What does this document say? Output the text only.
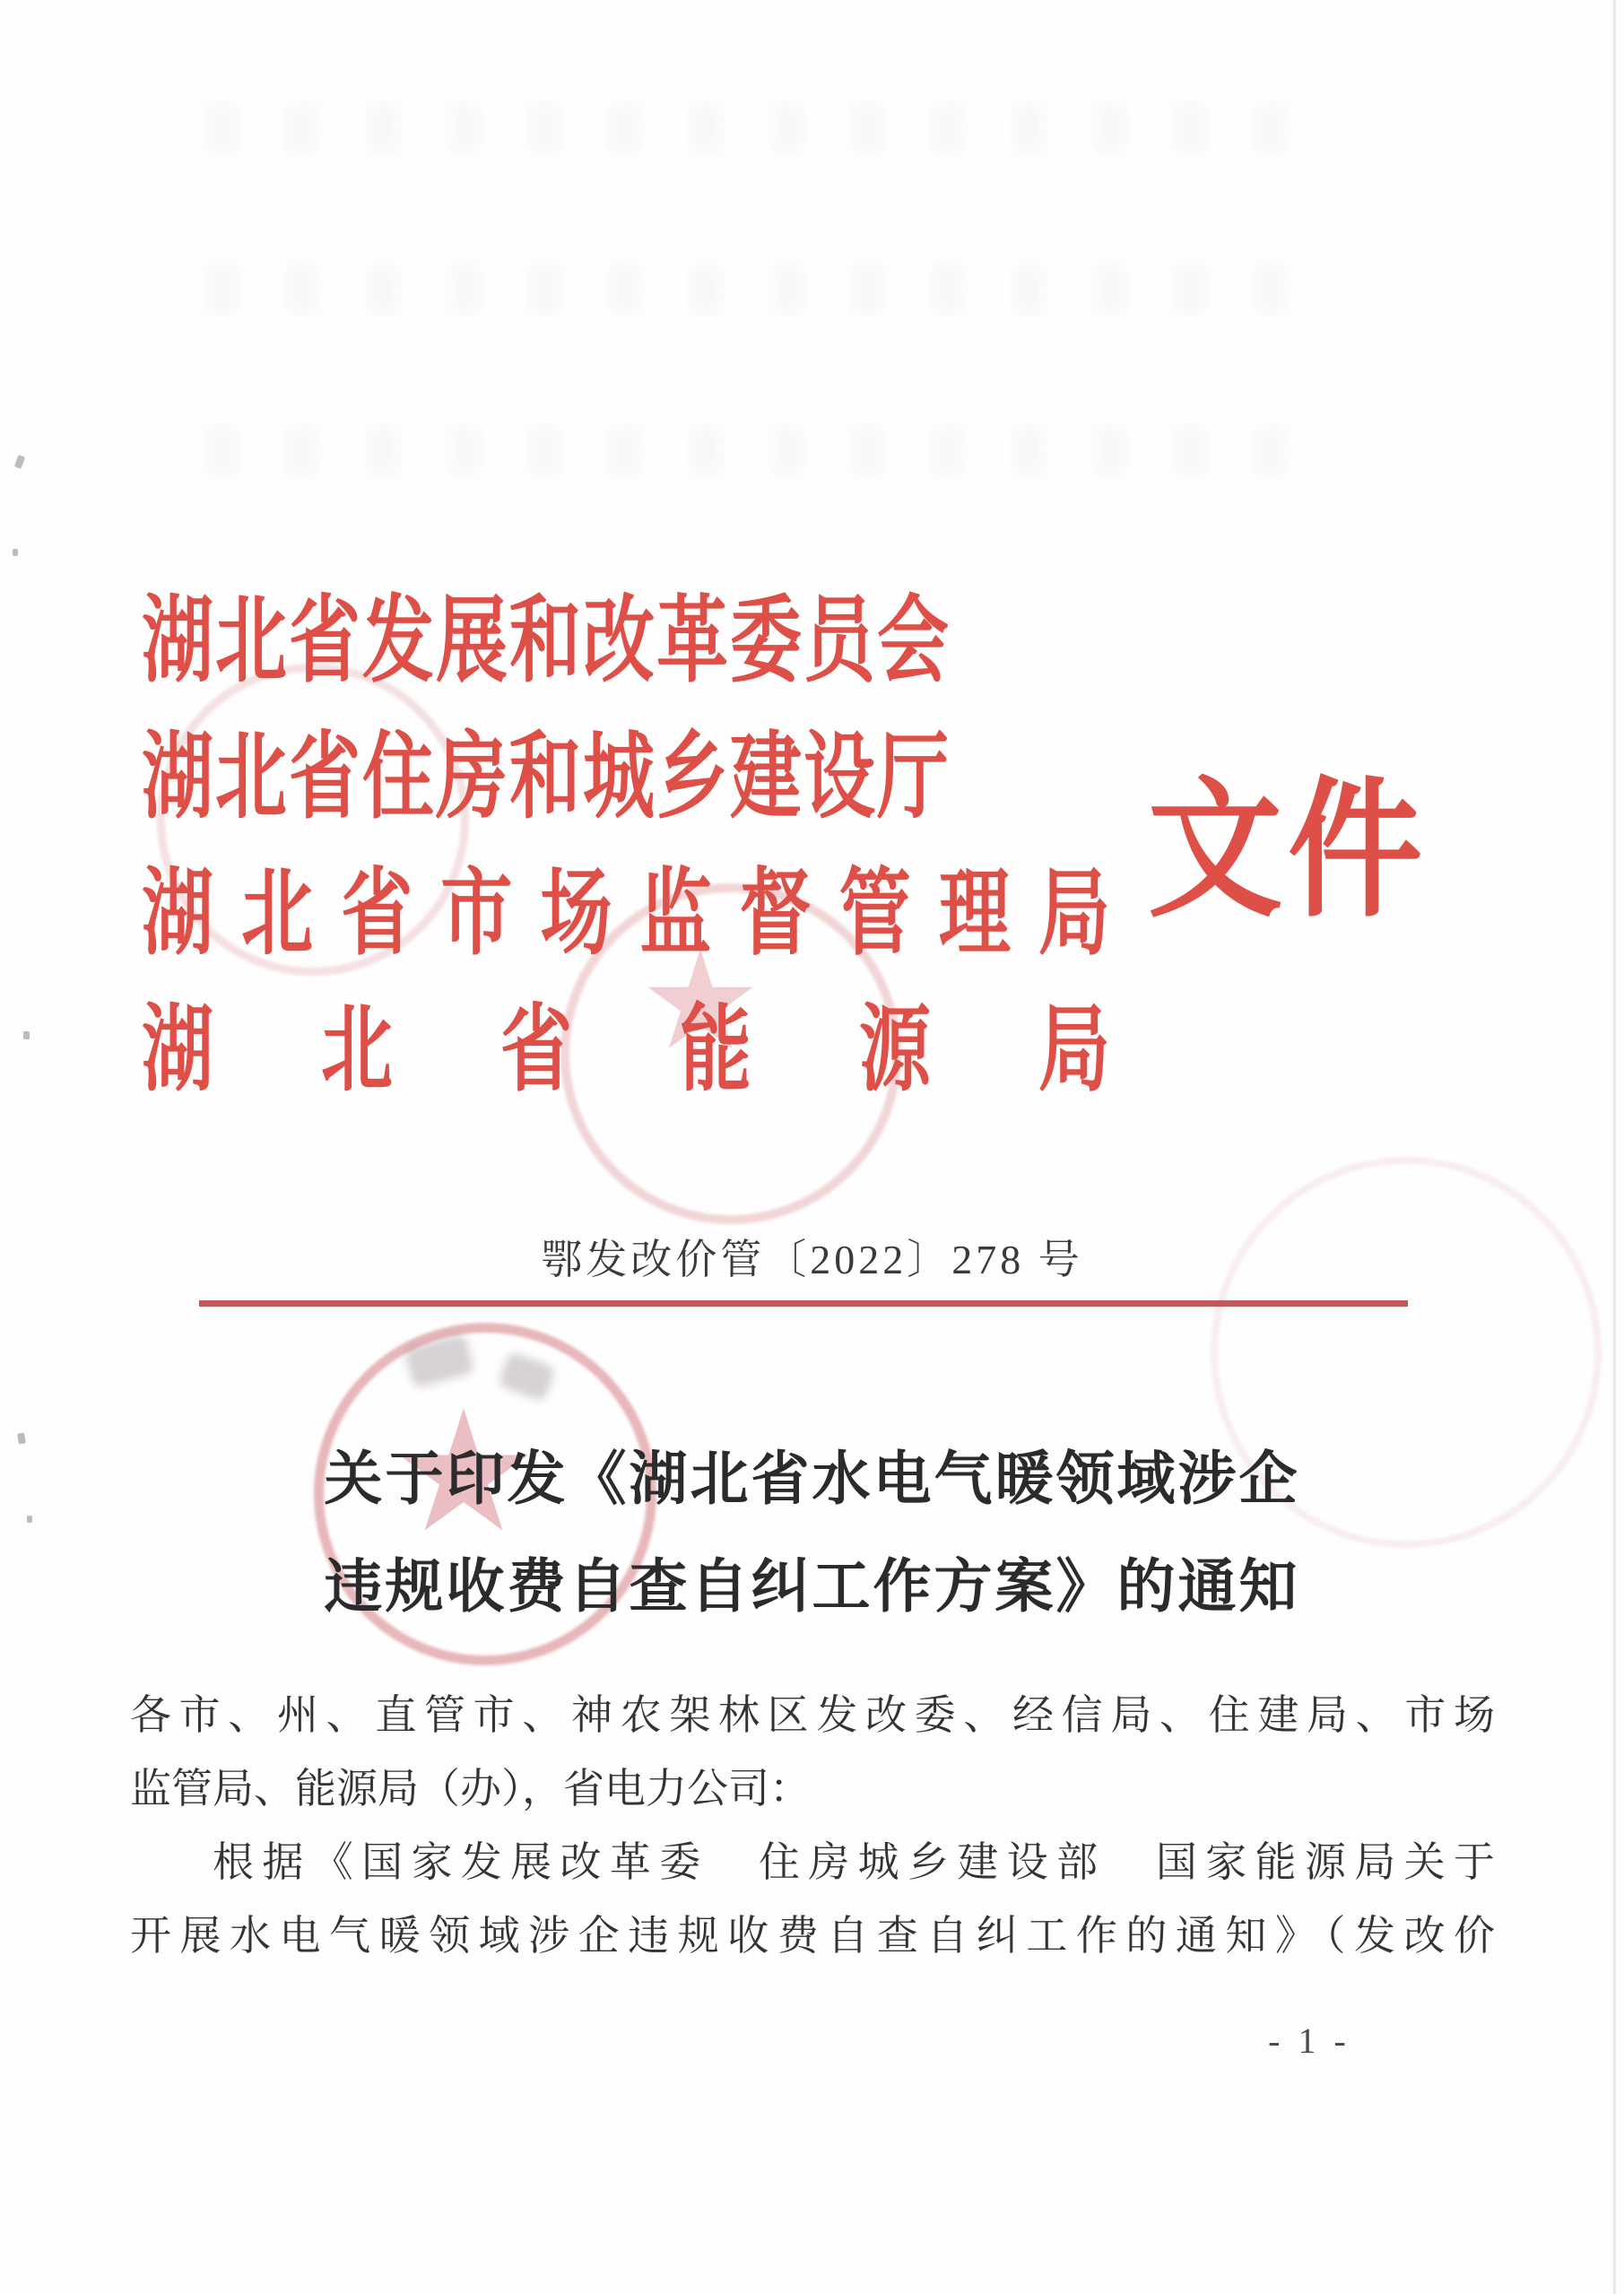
湖北省发展和改革委员会
湖北省住房和城乡建设厅
湖北省市场监督管理局
湖北省能源局
文件
鄂发改价管〔2022〕278 号
关于印发《湖北省水电气暖领域涉企
违规收费自查自纠工作方案》的通知
各市、州、直管市、神农架林区发改委、经信局、住建局、市场
监管局、能源局（办），省电力公司：
根据《国家发展改革委　住房城乡建设部　国家能源局关于
开展水电气暖领域涉企违规收费自查自纠工作的通知》（发改价
- 1 -
